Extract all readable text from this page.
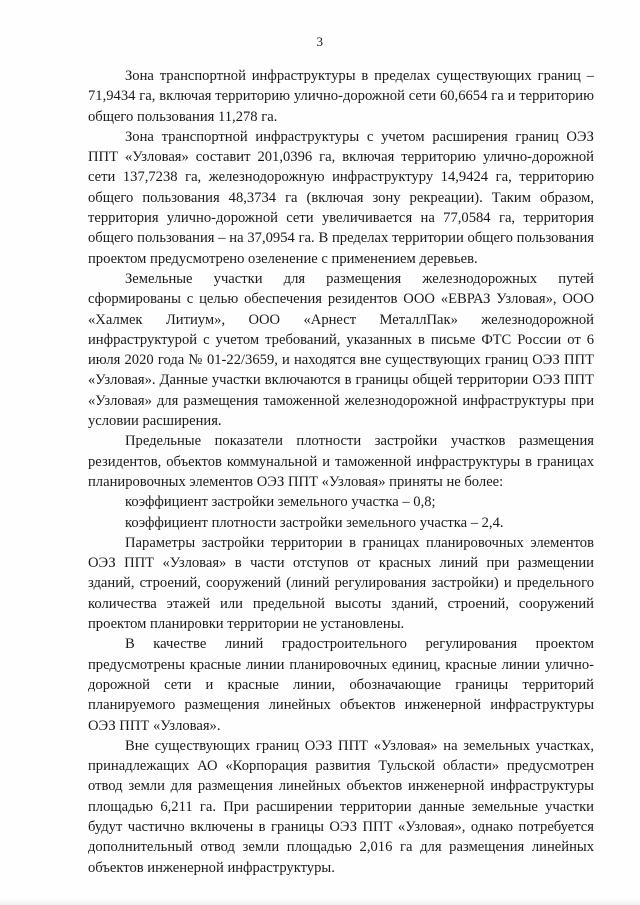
3

Зона транспортной инфраструктуры в пределах существующих границ – 71,9434 га, включая территорию улично-дорожной сети 60,6654 га и территорию общего пользования 11,278 га.

Зона транспортной инфраструктуры с учетом расширения границ ОЭЗ ППТ «Узловая» составит 201,0396 га, включая территорию улично-дорожной сети 137,7238 га, железнодорожную инфраструктуру 14,9424 га, территорию общего пользования 48,3734 га (включая зону рекреации). Таким образом, территория улично-дорожной сети увеличивается на 77,0584 га, территория общего пользования – на 37,0954 га. В пределах территории общего пользования проектом предусмотрено озеленение с применением деревьев.

Земельные участки для размещения железнодорожных путей сформированы с целью обеспечения резидентов ООО «ЕВРАЗ Узловая», ООО «Халмек Литиум», ООО «Арнест МеталлПак» железнодорожной инфраструктурой с учетом требований, указанных в письме ФТС России от 6 июля 2020 года № 01-22/3659, и находятся вне существующих границ ОЭЗ ППТ «Узловая». Данные участки включаются в границы общей территории ОЭЗ ППТ «Узловая» для размещения таможенной железнодорожной инфраструктуры при условии расширения.

Предельные показатели плотности застройки участков размещения резидентов, объектов коммунальной и таможенной инфраструктуры в границах планировочных элементов ОЭЗ ППТ «Узловая» приняты не более:

коэффициент застройки земельного участка – 0,8;

коэффициент плотности застройки земельного участка – 2,4.

Параметры застройки территории в границах планировочных элементов ОЭЗ ППТ «Узловая» в части отступов от красных линий при размещении зданий, строений, сооружений (линий регулирования застройки) и предельного количества этажей или предельной высоты зданий, строений, сооружений проектом планировки территории не установлены.

В качестве линий градостроительного регулирования проектом предусмотрены красные линии планировочных единиц, красные линии улично-дорожной сети и красные линии, обозначающие границы территорий планируемого размещения линейных объектов инженерной инфраструктуры ОЭЗ ППТ «Узловая».

Вне существующих границ ОЭЗ ППТ «Узловая» на земельных участках, принадлежащих АО «Корпорация развития Тульской области» предусмотрен отвод земли для размещения линейных объектов инженерной инфраструктуры площадью 6,211 га. При расширении территории данные земельные участки будут частично включены в границы ОЭЗ ППТ «Узловая», однако потребуется дополнительный отвод земли площадью 2,016 га для размещения линейных объектов инженерной инфраструктуры.
